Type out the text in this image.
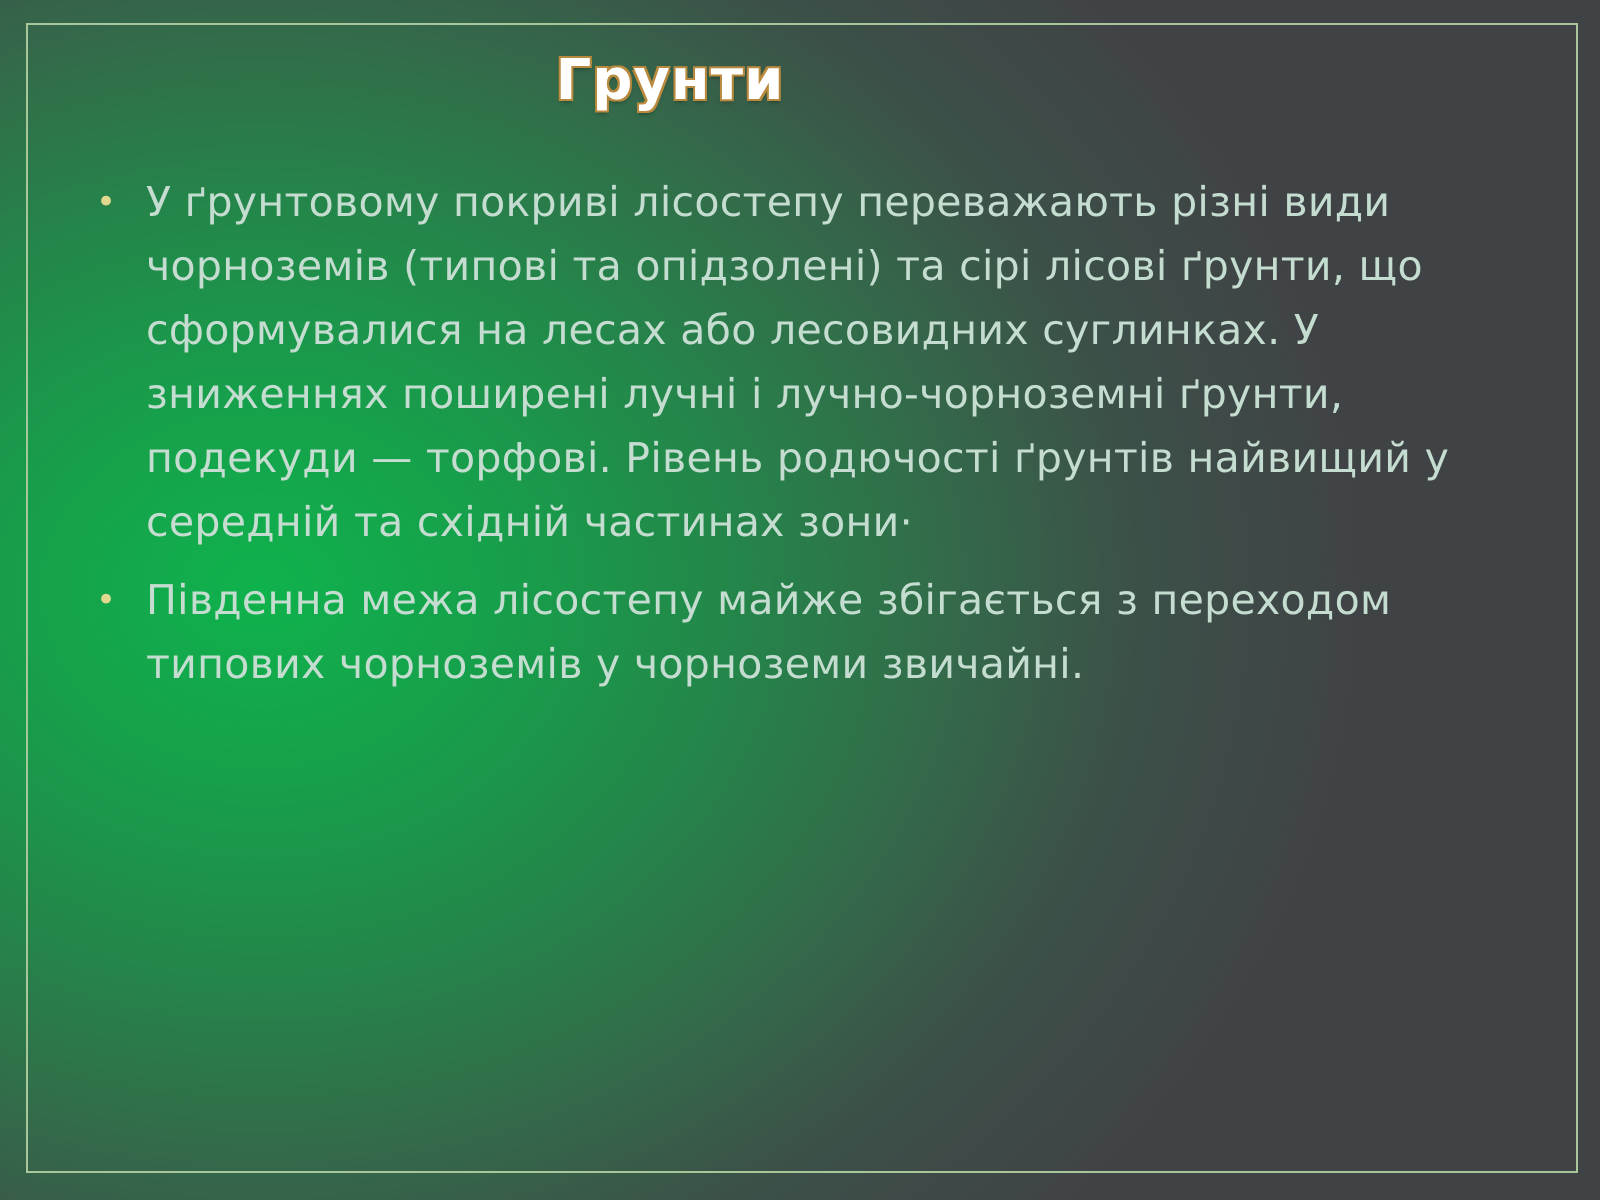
Грунти
• У ґрунтовому покриві лісостепу переважають різні види чорноземів (типові та опідзолені) та сірі лісові ґрунти, що сформувалися на лесах або лесовидних суглинках. У зниженнях поширені лучні і лучно-чорноземні ґрунти, подекуди — торфові. Рівень родючості ґрунтів найвищий у середній та східній частинах зони·
• Південна межа лісостепу майже збігається з переходом типових чорноземів у чорноземи звичайні.
